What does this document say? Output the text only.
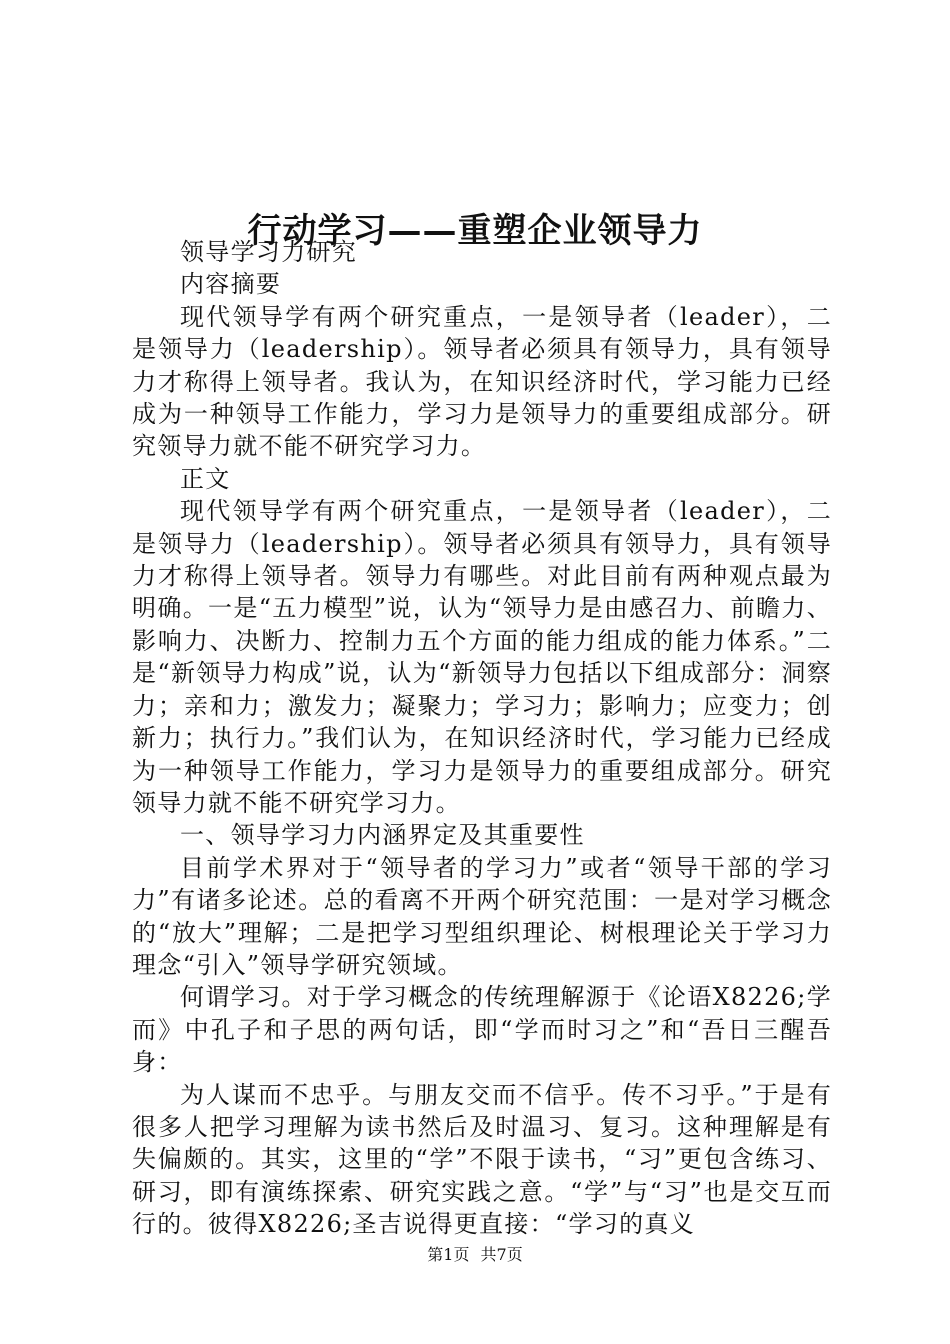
行动学习——重塑企业领导力

领导学习力研究

内容摘要

现代领导学有两个研究重点，一是领导者（leader），二是领导力（leadership）。领导者必须具有领导力，具有领导力才称得上领导者。我认为，在知识经济时代，学习能力已经成为一种领导工作能力，学习力是领导力的重要组成部分。研究领导力就不能不研究学习力。

正文

现代领导学有两个研究重点，一是领导者（leader），二是领导力（leadership）。领导者必须具有领导力，具有领导力才称得上领导者。领导力有哪些。对此目前有两种观点最为明确。一是“五力模型”说，认为“领导力是由感召力、前瞻力、影响力、决断力、控制力五个方面的能力组成的能力体系。”二是“新领导力构成”说，认为“新领导力包括以下组成部分：洞察力；亲和力；激发力；凝聚力；学习力；影响力；应变力；创新力；执行力。”我们认为，在知识经济时代，学习能力已经成为一种领导工作能力，学习力是领导力的重要组成部分。研究领导力就不能不研究学习力。

一、领导学习力内涵界定及其重要性

目前学术界对于“领导者的学习力”或者“领导干部的学习力”有诸多论述。总的看离不开两个研究范围：一是对学习概念的“放大”理解；二是把学习型组织理论、树根理论关于学习力理念“引入”领导学研究领域。

何谓学习。对于学习概念的传统理解源于《论语X8226;学而》中孔子和子思的两句话，即“学而时习之”和“吾日三醒吾身：

为人谋而不忠乎。与朋友交而不信乎。传不习乎。”于是有很多人把学习理解为读书然后及时温习、复习。这种理解是有失偏颇的。其实，这里的“学”不限于读书，“习”更包含练习、研习，即有演练探索、研究实践之意。“学”与“习”也是交互而行的。彼得X8226;圣吉说得更直接：“学习的真义

第1页 共7页
